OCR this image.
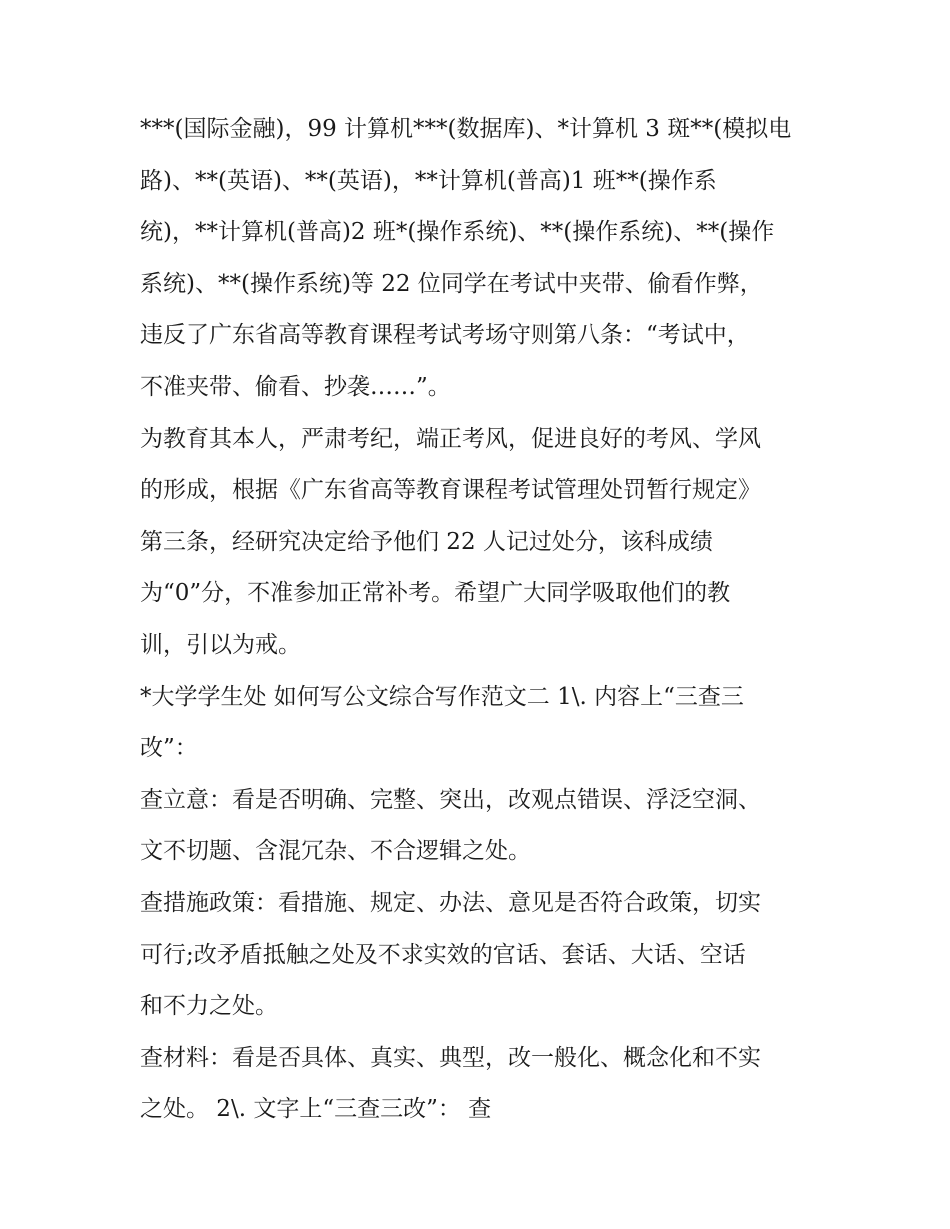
***(国际金融)，99 计算机***(数据库)、*计算机 3 斑**(模拟电
路)、**(英语)、**(英语)，**计算机(普高)1 班**(操作系
统)，**计算机(普高)2 班*(操作系统)、**(操作系统)、**(操作
系统)、**(操作系统)等 22 位同学在考试中夹带、偷看作弊，
违反了广东省高等教育课程考试考场守则第八条：“考试中，
不准夹带、偷看、抄袭……”。
为教育其本人，严肃考纪，端正考风，促进良好的考风、学风
的形成，根据《广东省高等教育课程考试管理处罚暂行规定》
第三条，经研究决定给予他们 22 人记过处分，该科成绩
为“0”分，不准参加正常补考。希望广大同学吸取他们的教
训，引以为戒。
*大学学生处 如何写公文综合写作范文二 1\. 内容上“三查三
改”：
查立意：看是否明确、完整、突出，改观点错误、浮泛空洞、
文不切题、含混冗杂、不合逻辑之处。
查措施政策：看措施、规定、办法、意见是否符合政策，切实
可行;改矛盾抵触之处及不求实效的官话、套话、大话、空话
和不力之处。
查材料：看是否具体、真实、典型，改一般化、概念化和不实
之处。 2\. 文字上“三查三改”： 查
